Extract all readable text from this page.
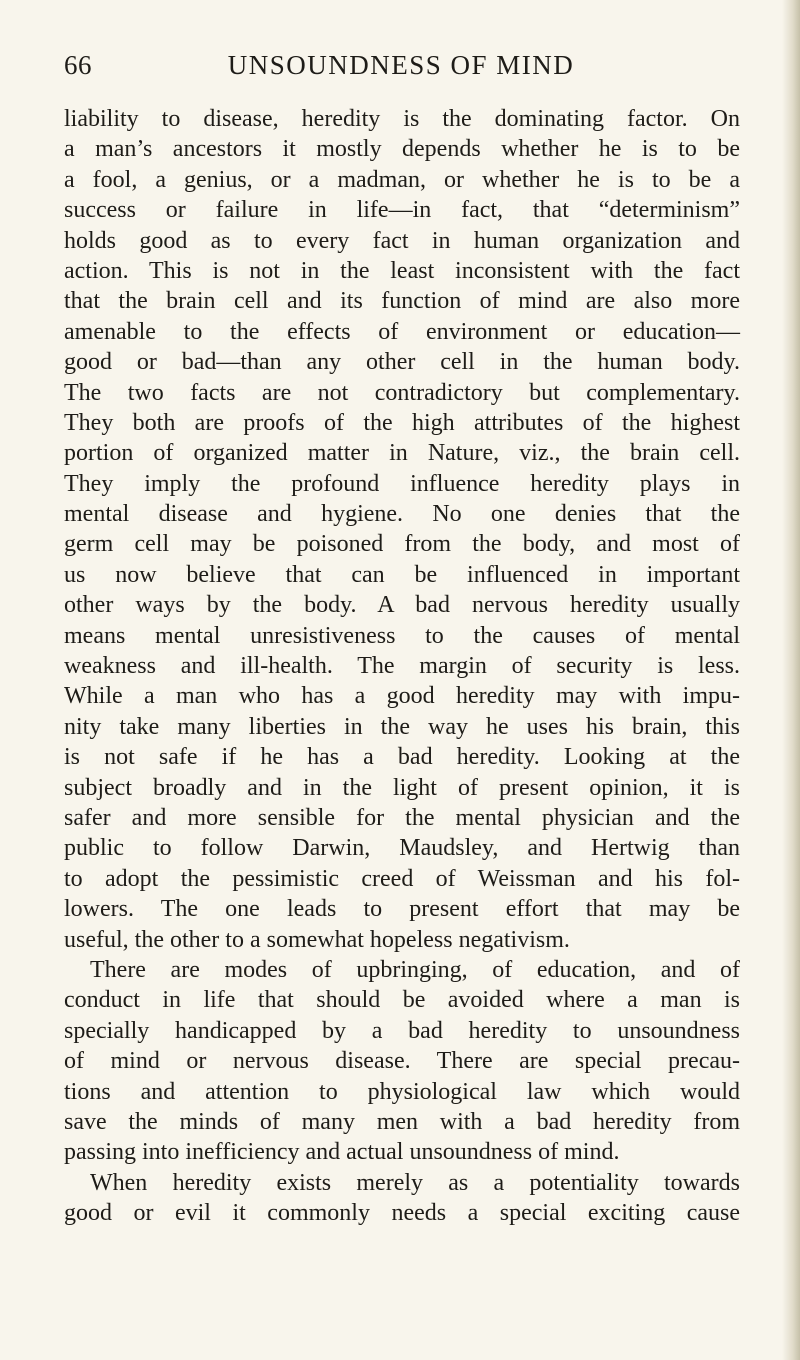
66	UNSOUNDNESS OF MIND
liability to disease, heredity is the dominating factor. On
a man’s ancestors it mostly depends whether he is to be
a fool, a genius, or a madman, or whether he is to be a
success or failure in life—in fact, that “determinism”
holds good as to every fact in human organization and
action. This is not in the least inconsistent with the fact
that the brain cell and its function of mind are also more
amenable to the effects of environment or education—
good or bad—than any other cell in the human body.
The two facts are not contradictory but complementary.
They both are proofs of the high attributes of the highest
portion of organized matter in Nature, viz., the brain cell.
They imply the profound influence heredity plays in
mental disease and hygiene. No one denies that the
germ cell may be poisoned from the body, and most of
us now believe that can be influenced in important
other ways by the body. A bad nervous heredity usually
means mental unresistiveness to the causes of mental
weakness and ill-health. The margin of security is less.
While a man who has a good heredity may with impu-
nity take many liberties in the way he uses his brain, this
is not safe if he has a bad heredity. Looking at the
subject broadly and in the light of present opinion, it is
safer and more sensible for the mental physician and the
public to follow Darwin, Maudsley, and Hertwig than
to adopt the pessimistic creed of Weissman and his fol-
lowers. The one leads to present effort that may be
useful, the other to a somewhat hopeless negativism.
There are modes of upbringing, of education, and of
conduct in life that should be avoided where a man is
specially handicapped by a bad heredity to unsoundness
of mind or nervous disease. There are special precau-
tions and attention to physiological law which would
save the minds of many men with a bad heredity from
passing into inefficiency and actual unsoundness of mind.
When heredity exists merely as a potentiality towards
good or evil it commonly needs a special exciting cause
